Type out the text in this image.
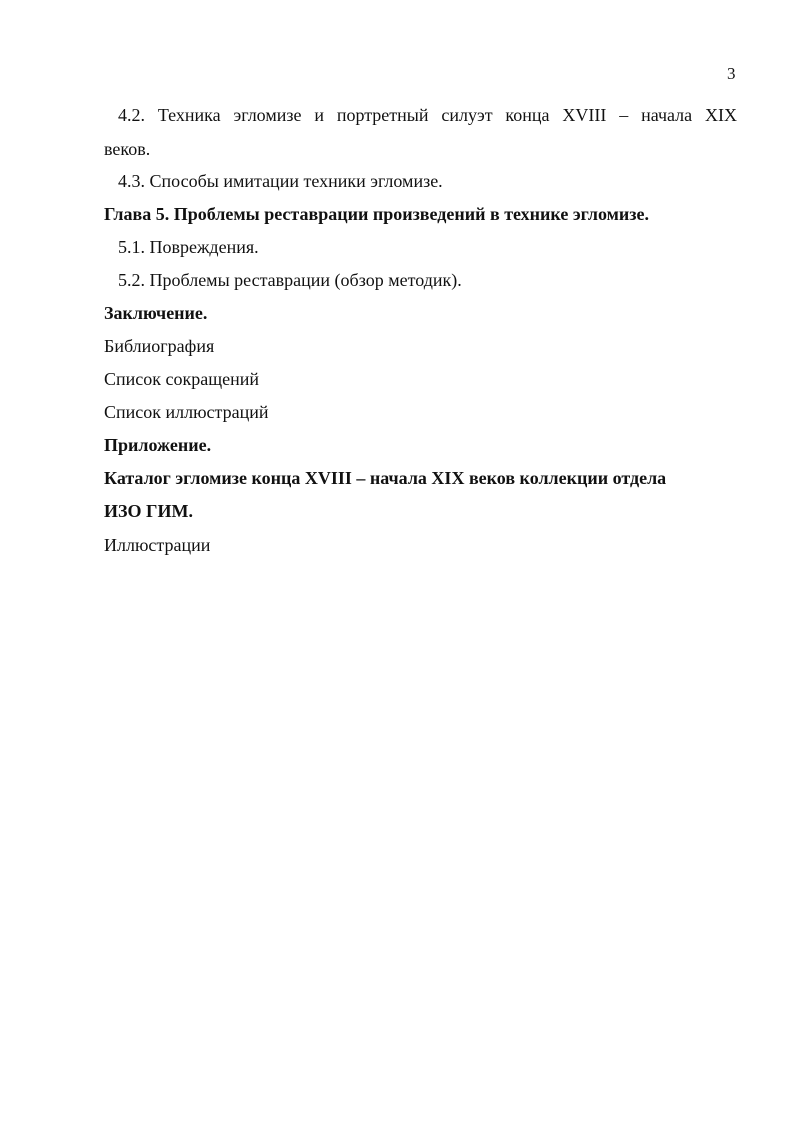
3
4.2. Техника эгломизе и портретный силуэт конца XVIII – начала XIX
веков.
4.3. Способы имитации техники эгломизе.
Глава 5. Проблемы реставрации произведений в технике эгломизе.
5.1. Повреждения.
5.2. Проблемы реставрации (обзор методик).
Заключение.
Библиография
Список сокращений
Список иллюстраций
Приложение.
Каталог эгломизе конца XVIII – начала XIX веков коллекции отдела
ИЗО ГИМ.
Иллюстрации
